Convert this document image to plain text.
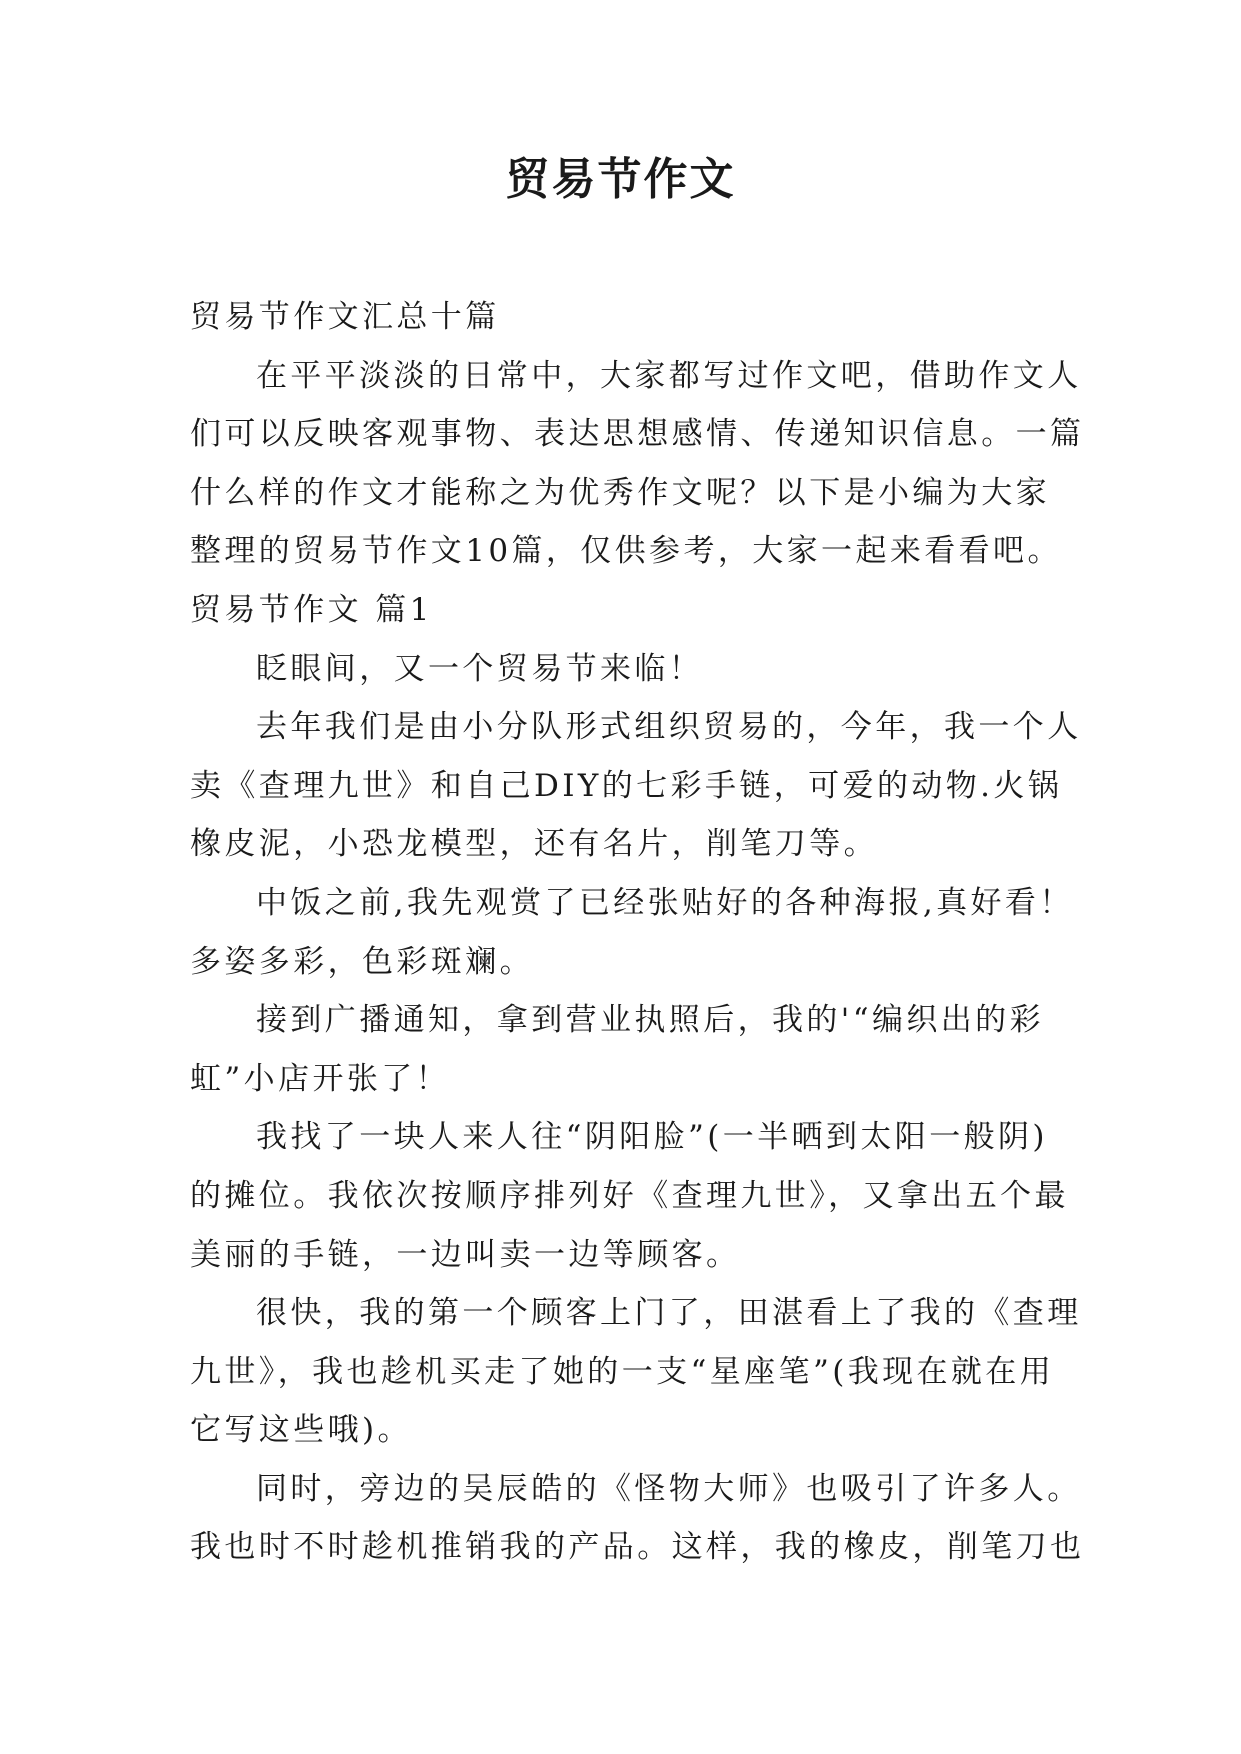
贸易节作文
贸易节作文汇总十篇
在平平淡淡的日常中，大家都写过作文吧，借助作文人
们可以反映客观事物、表达思想感情、传递知识信息。一篇
什么样的作文才能称之为优秀作文呢？以下是小编为大家
整理的贸易节作文10篇，仅供参考，大家一起来看看吧。
贸易节作文 篇1
眨眼间，又一个贸易节来临！
去年我们是由小分队形式组织贸易的，今年，我一个人
卖《查理九世》和自己DIY的七彩手链，可爱的动物.火锅
橡皮泥，小恐龙模型，还有名片，削笔刀等。
中饭之前,我先观赏了已经张贴好的各种海报,真好看！
多姿多彩，色彩斑斓。
接到广播通知，拿到营业执照后，我的'“编织出的彩
虹”小店开张了！
我找了一块人来人往“阴阳脸”(一半晒到太阳一般阴)
的摊位。我依次按顺序排列好《查理九世》，又拿出五个最
美丽的手链，一边叫卖一边等顾客。
很快，我的第一个顾客上门了，田湛看上了我的《查理
九世》，我也趁机买走了她的一支“星座笔”(我现在就在用
它写这些哦)。
同时，旁边的吴辰皓的《怪物大师》也吸引了许多人。
我也时不时趁机推销我的产品。这样，我的橡皮，削笔刀也
